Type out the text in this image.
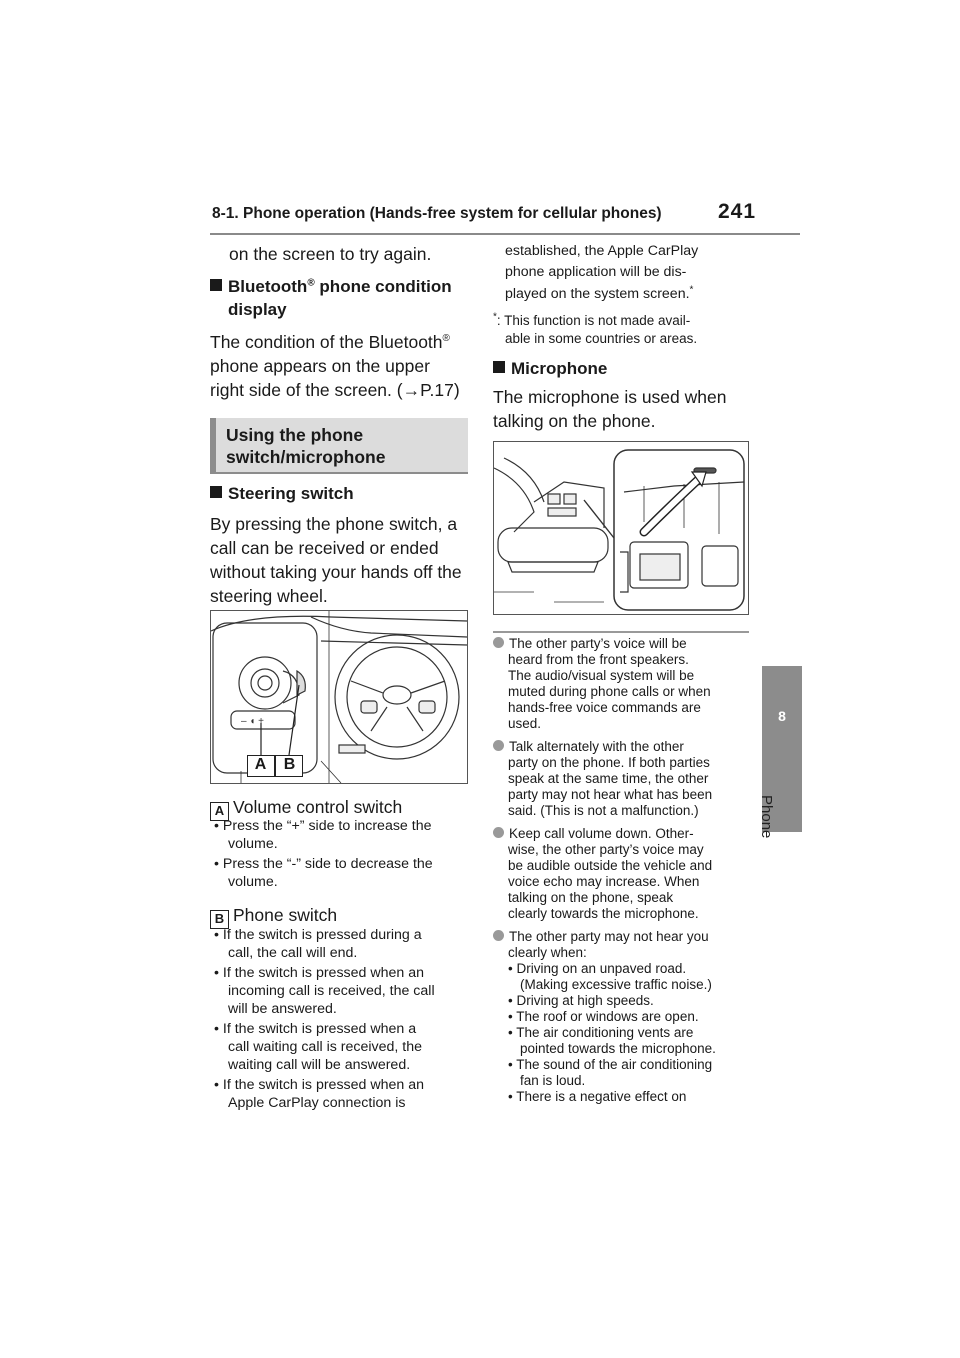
8-1. Phone operation (Hands-free system for cellular phones)	241
8
Phone
on the screen to try again.
Bluetooth® phone condition
display
The condition of the Bluetooth®
phone appears on the upper
right side of the screen. (→P.17)
Using the phone
switch/microphone
Steering switch
By pressing the phone switch, a
call can be received or ended
without taking your hands off the
steering wheel.
– ◖ +
A	B
A Volume control switch
• Press the “+” side to increase the
volume.
• Press the “-” side to decrease the
volume.
B Phone switch
• If the switch is pressed during a
call, the call will end.
• If the switch is pressed when an
incoming call is received, the call
will be answered.
• If the switch is pressed when a
call waiting call is received, the
waiting call will be answered.
• If the switch is pressed when an
Apple CarPlay connection is
established, the Apple CarPlay
phone application will be dis-
played on the system screen.*
*: This function is not made avail-
able in some countries or areas.
Microphone
The microphone is used when
talking on the phone.
The other party’s voice will be
heard from the front speakers.
The audio/visual system will be
muted during phone calls or when
hands-free voice commands are
used.
Talk alternately with the other
party on the phone. If both parties
speak at the same time, the other
party may not hear what has been
said. (This is not a malfunction.)
Keep call volume down. Other-
wise, the other party’s voice may
be audible outside the vehicle and
voice echo may increase. When
talking on the phone, speak
clearly towards the microphone.
The other party may not hear you
clearly when:
• Driving on an unpaved road.
(Making excessive traffic noise.)
• Driving at high speeds.
• The roof or windows are open.
• The air conditioning vents are
pointed towards the microphone.
• The sound of the air conditioning
fan is loud.
• There is a negative effect on
